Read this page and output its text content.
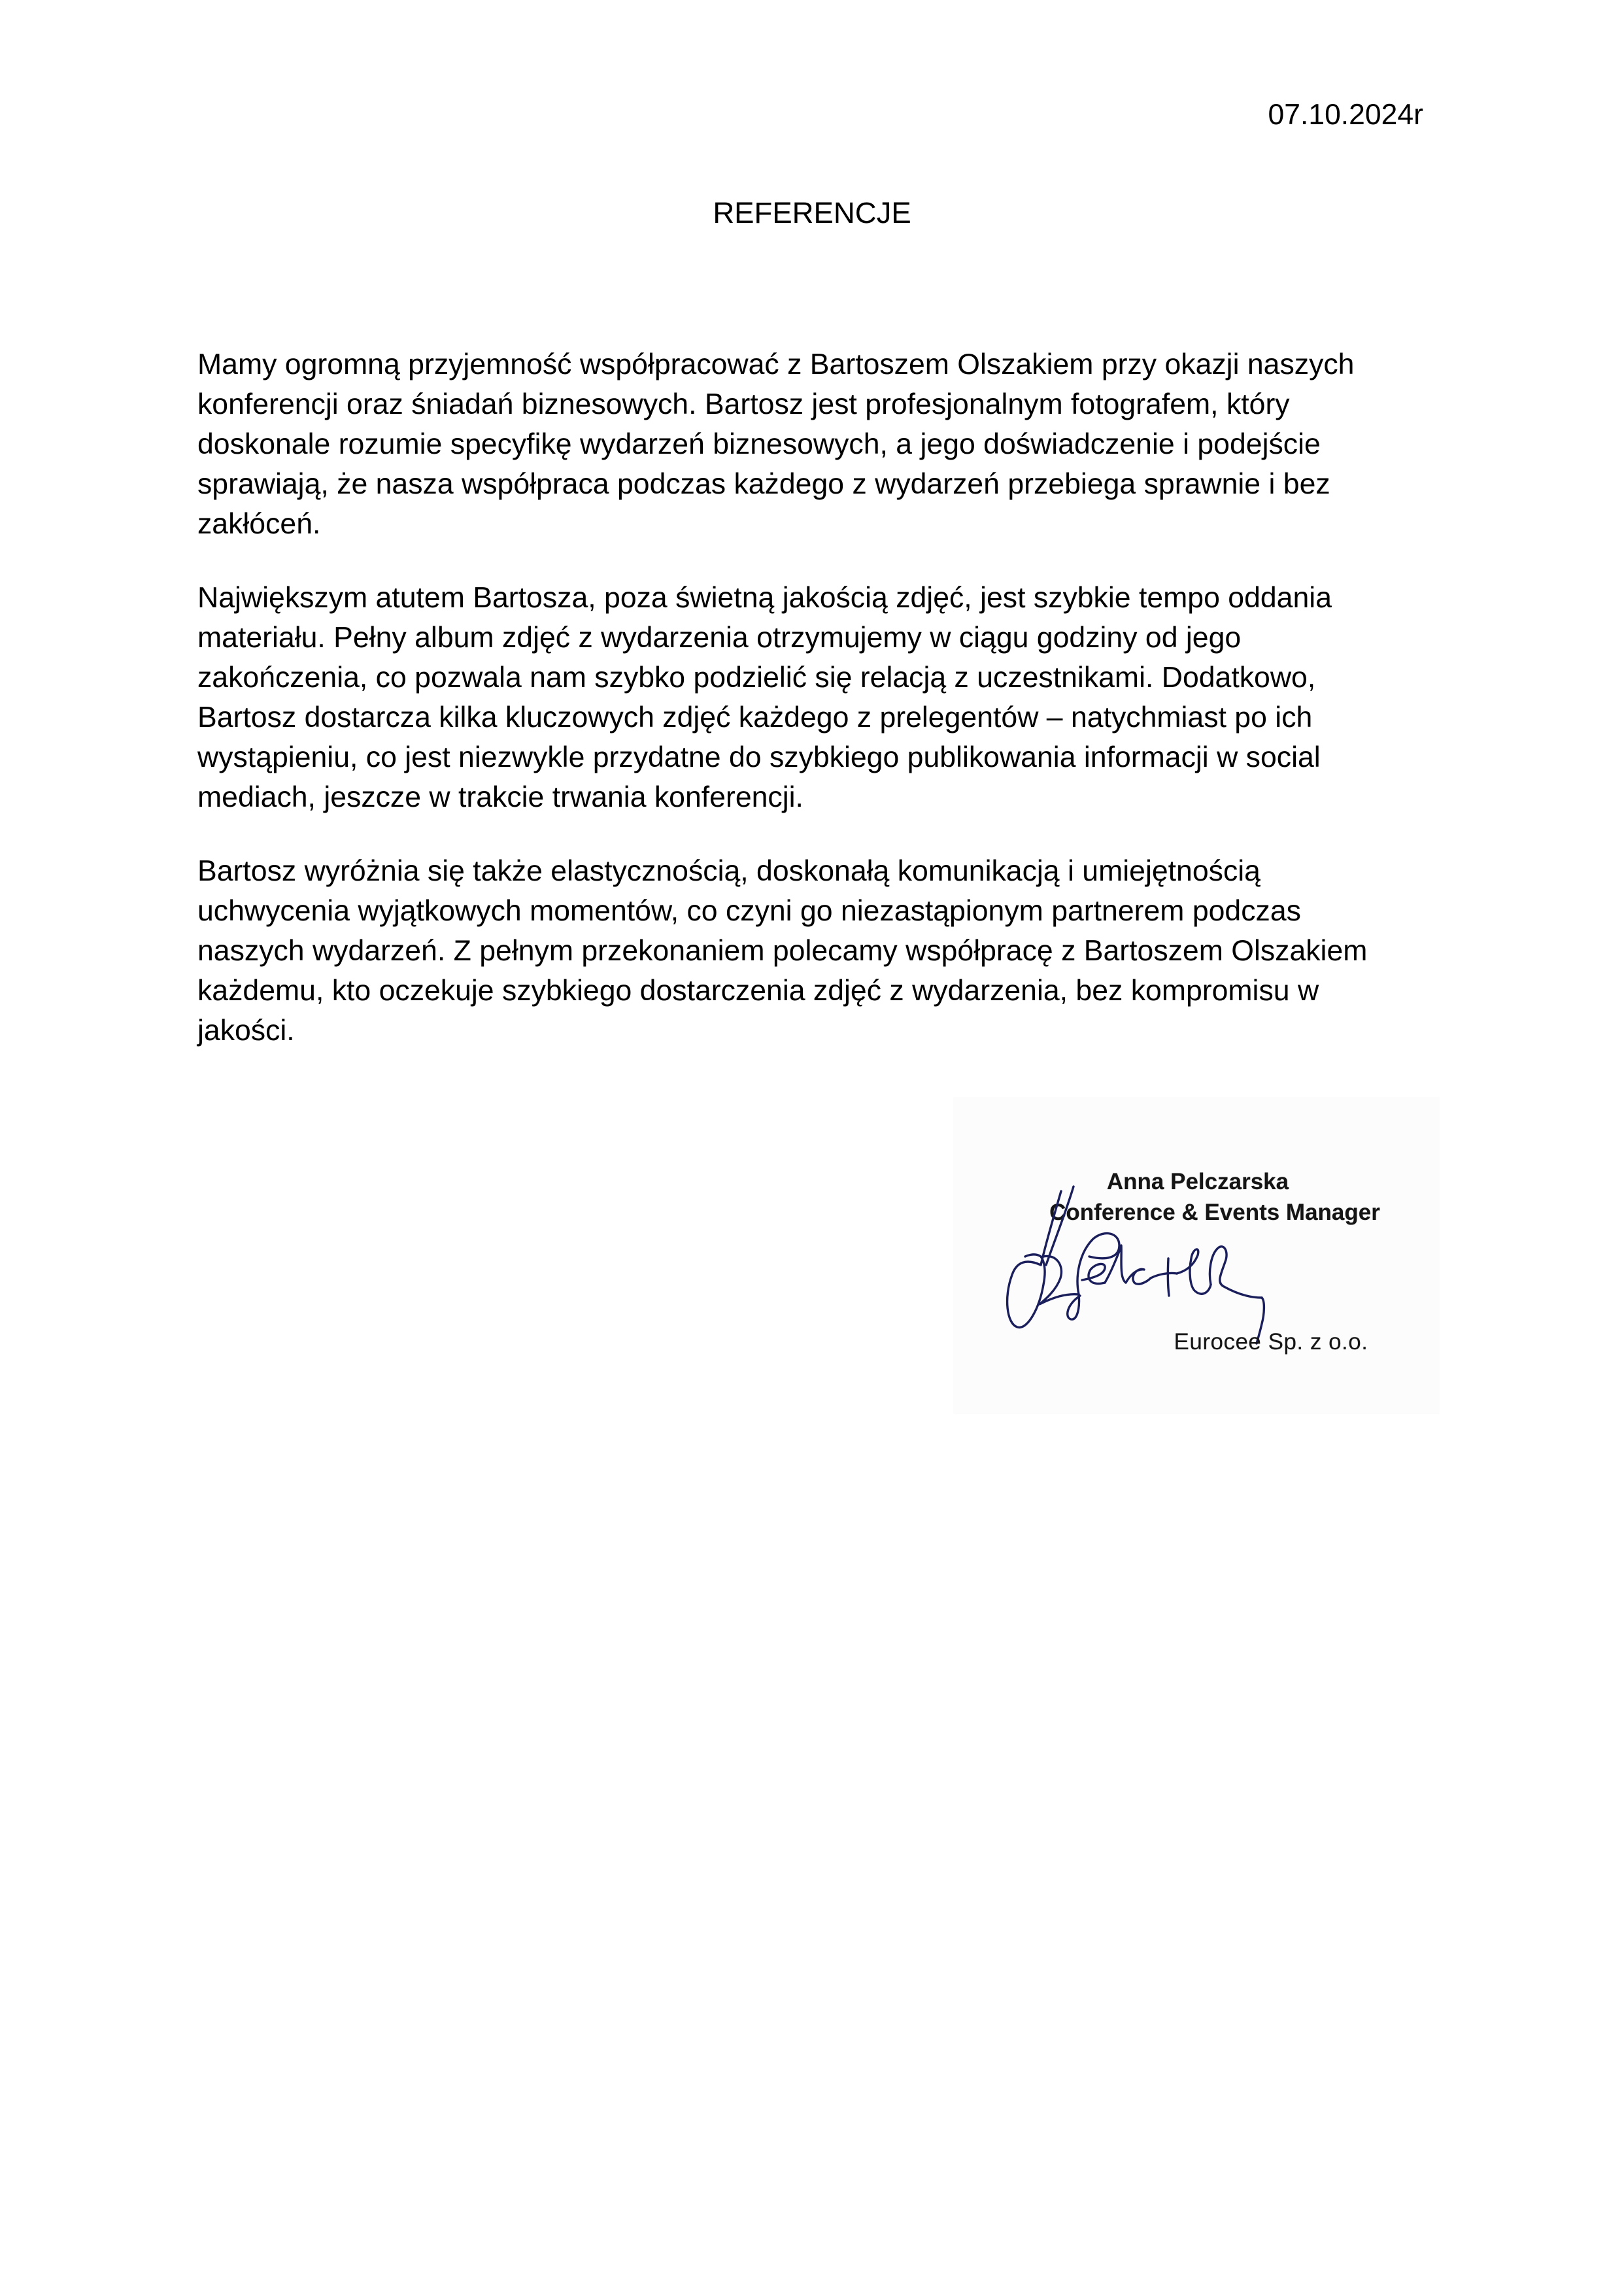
07.10.2024r
REFERENCJE

Mamy ogromną przyjemność współpracować z Bartoszem Olszakiem przy okazji naszych
konferencji oraz śniadań biznesowych. Bartosz jest profesjonalnym fotografem, który
doskonale rozumie specyfikę wydarzeń biznesowych, a jego doświadczenie i podejście
sprawiają, że nasza współpraca podczas każdego z wydarzeń przebiega sprawnie i bez
zakłóceń.

Największym atutem Bartosza, poza świetną jakością zdjęć, jest szybkie tempo oddania
materiału. Pełny album zdjęć z wydarzenia otrzymujemy w ciągu godziny od jego
zakończenia, co pozwala nam szybko podzielić się relacją z uczestnikami. Dodatkowo,
Bartosz dostarcza kilka kluczowych zdjęć każdego z prelegentów – natychmiast po ich
wystąpieniu, co jest niezwykle przydatne do szybkiego publikowania informacji w social
mediach, jeszcze w trakcie trwania konferencji.

Bartosz wyróżnia się także elastycznością, doskonałą komunikacją i umiejętnością
uchwycenia wyjątkowych momentów, co czyni go niezastąpionym partnerem podczas
naszych wydarzeń. Z pełnym przekonaniem polecamy współpracę z Bartoszem Olszakiem
każdemu, kto oczekuje szybkiego dostarczenia zdjęć z wydarzenia, bez kompromisu w
jakości.

Anna Pelczarska
Conference & Events Manager
Eurocee Sp. z o.o.
